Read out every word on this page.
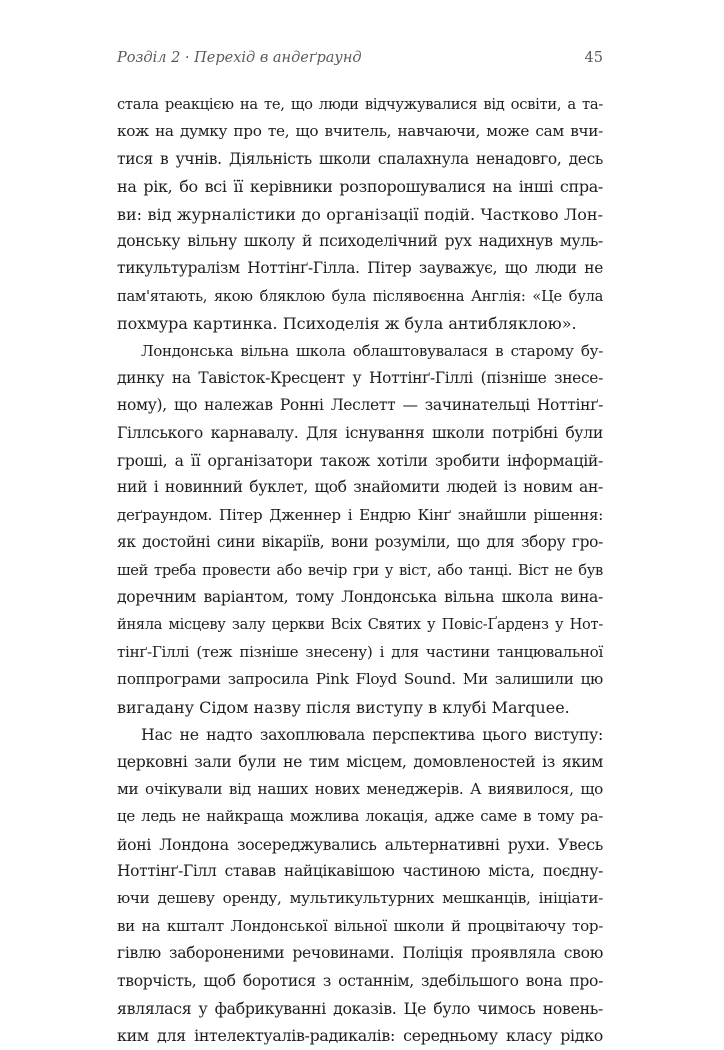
Розділ 2 · Перехід в андеґраунд	45
стала реакцією на те, що люди відчужувалися від освіти, а та-
кож на думку про те, що вчитель, навчаючи, може сам вчи-
тися в учнів. Діяльність школи спалахнула ненадовго, десь
на рік, бо всі її керівники розпорошувалися на інші спра-
ви: від журналістики до організації подій. Частково Лон-
донську вільну школу й психоделічний рух надихнув муль-
тикультуралізм Ноттінґ-Гілла. Пітер зауважує, що люди не
пам'ятають, якою бляклою була післявоєнна Англія: «Це була
похмура картинка. Психоделія ж була антибляклою».
Лондонська вільна школа облаштовувалася в старому бу-
динку на Тавісток-Кресцент у Ноттінґ-Гіллі (пізніше знесе-
ному), що належав Ронні Леслетт — зачинательці Ноттінґ-
Гіллського карнавалу. Для існування школи потрібні були
гроші, а її організатори також хотіли зробити інформацій-
ний і новинний буклет, щоб знайомити людей із новим ан-
деґраундом. Пітер Дженнер і Ендрю Кінґ знайшли рішення:
як достойні сини вікаріїв, вони розуміли, що для збору гро-
шей треба провести або вечір гри у віст, або танці. Віст не був
доречним варіантом, тому Лондонська вільна школа вина-
йняла місцеву залу церкви Всіх Святих у Повіс-Ґарденз у Нот-
тінґ-Гіллі (теж пізніше знесену) і для частини танцювальної
поппрограми запросила Pink Floyd Sound. Ми залишили цю
вигадану Сідом назву після виступу в клубі Marquee.
Нас не надто захоплювала перспектива цього виступу:
церковні зали були не тим місцем, домовленостей із яким
ми очікували від наших нових менеджерів. А виявилося, що
це ледь не найкраща можлива локація, адже саме в тому ра-
йоні Лондона зосереджувались альтернативні рухи. Увесь
Ноттінґ-Гілл ставав найцікавішою частиною міста, поєдну-
ючи дешеву оренду, мультикультурних мешканців, ініціати-
ви на кшталт Лондонської вільної школи й процвітаючу тор-
гівлю забороненими речовинами. Поліція проявляла свою
творчість, щоб боротися з останнім, здебільшого вона про-
являлася у фабрикуванні доказів. Це було чимось новень-
ким для інтелектуалів-радикалів: середньому класу рідко
